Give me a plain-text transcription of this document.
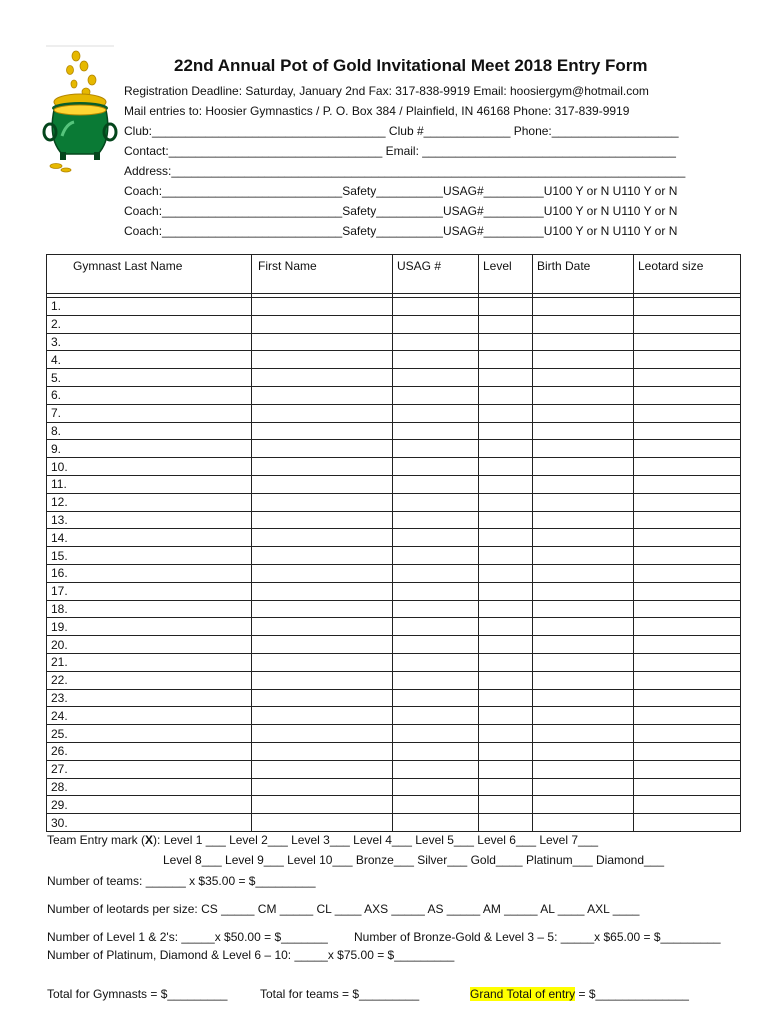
22nd Annual Pot of Gold Invitational Meet 2018 Entry Form
Registration Deadline: Saturday, January 2nd Fax: 317-838-9919 Email: hoosiergym@hotmail.com
Mail entries to: Hoosier Gymnastics / P. O. Box 384 / Plainfield, IN 46168 Phone: 317-839-9919
Club:___________________________________ Club #_____________ Phone:___________________
Contact:________________________________ Email: ______________________________________
Address:_____________________________________________________________________________
Coach:___________________________Safety__________USAG#_________U100 Y or N U110 Y or N
Coach:___________________________Safety__________USAG#_________U100 Y or N U110 Y or N
Coach:___________________________Safety__________USAG#_________U100 Y or N U110 Y or N
Gymnast Last Name	First Name	USAG #	Level	Birth Date	Leotard size

1.					
2.					
3.					
4.					
5.					
6.					
7.					
8.					
9.					
10.					
11.					
12.					
13.					
14.					
15.					
16.					
17.					
18.					
19.					
20.					
21.					
22.					
23.					
24.					
25.					
26.					
27.					
28.					
29.					
30.					
Team Entry mark (X): Level 1 ___ Level 2___ Level 3___ Level 4___ Level 5___ Level 6___ Level 7___
Level 8___ Level 9___ Level 10___ Bronze___ Silver___ Gold____ Platinum___ Diamond___
Number of teams: ______ x $35.00 = $_________
Number of leotards per size: CS _____ CM _____ CL ____ AXS _____ AS _____ AM _____ AL ____ AXL ____
Number of Level 1 & 2's: _____x $50.00 = $_______ Number of Bronze-Gold & Level 3 – 5: _____x $65.00 = $_________
Number of Platinum, Diamond & Level 6 – 10: _____x $75.00 = $_________
Total for Gymnasts = $_________	Total for teams = $_________	Grand Total of entry = $______________
